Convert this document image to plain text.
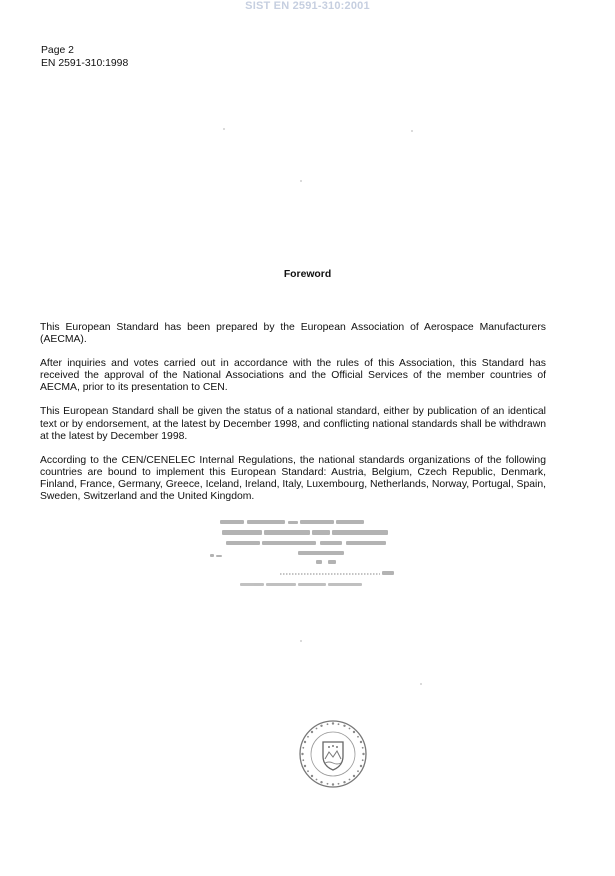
SIST EN 2591-310:2001
Page 2
EN 2591-310:1998
Foreword

This European Standard has been prepared by the European Association of Aerospace Manufacturers (AECMA).

After inquiries and votes carried out in accordance with the rules of this Association, this Standard has received the approval of the National Associations and the Official Services of the member countries of AECMA, prior to its presentation to CEN.

This European Standard shall be given the status of a national standard, either by publication of an identical text or by endorsement, at the latest by December 1998, and conflicting national standards shall be withdrawn at the latest by December 1998.

According to the CEN/CENELEC Internal Regulations, the national standards organizations of the following countries are bound to implement this European Standard: Austria, Belgium, Czech Republic, Denmark, Finland, France, Germany, Greece, Iceland, Ireland, Italy, Luxembourg, Netherlands, Norway, Portugal, Spain, Sweden, Switzerland and the United Kingdom.
